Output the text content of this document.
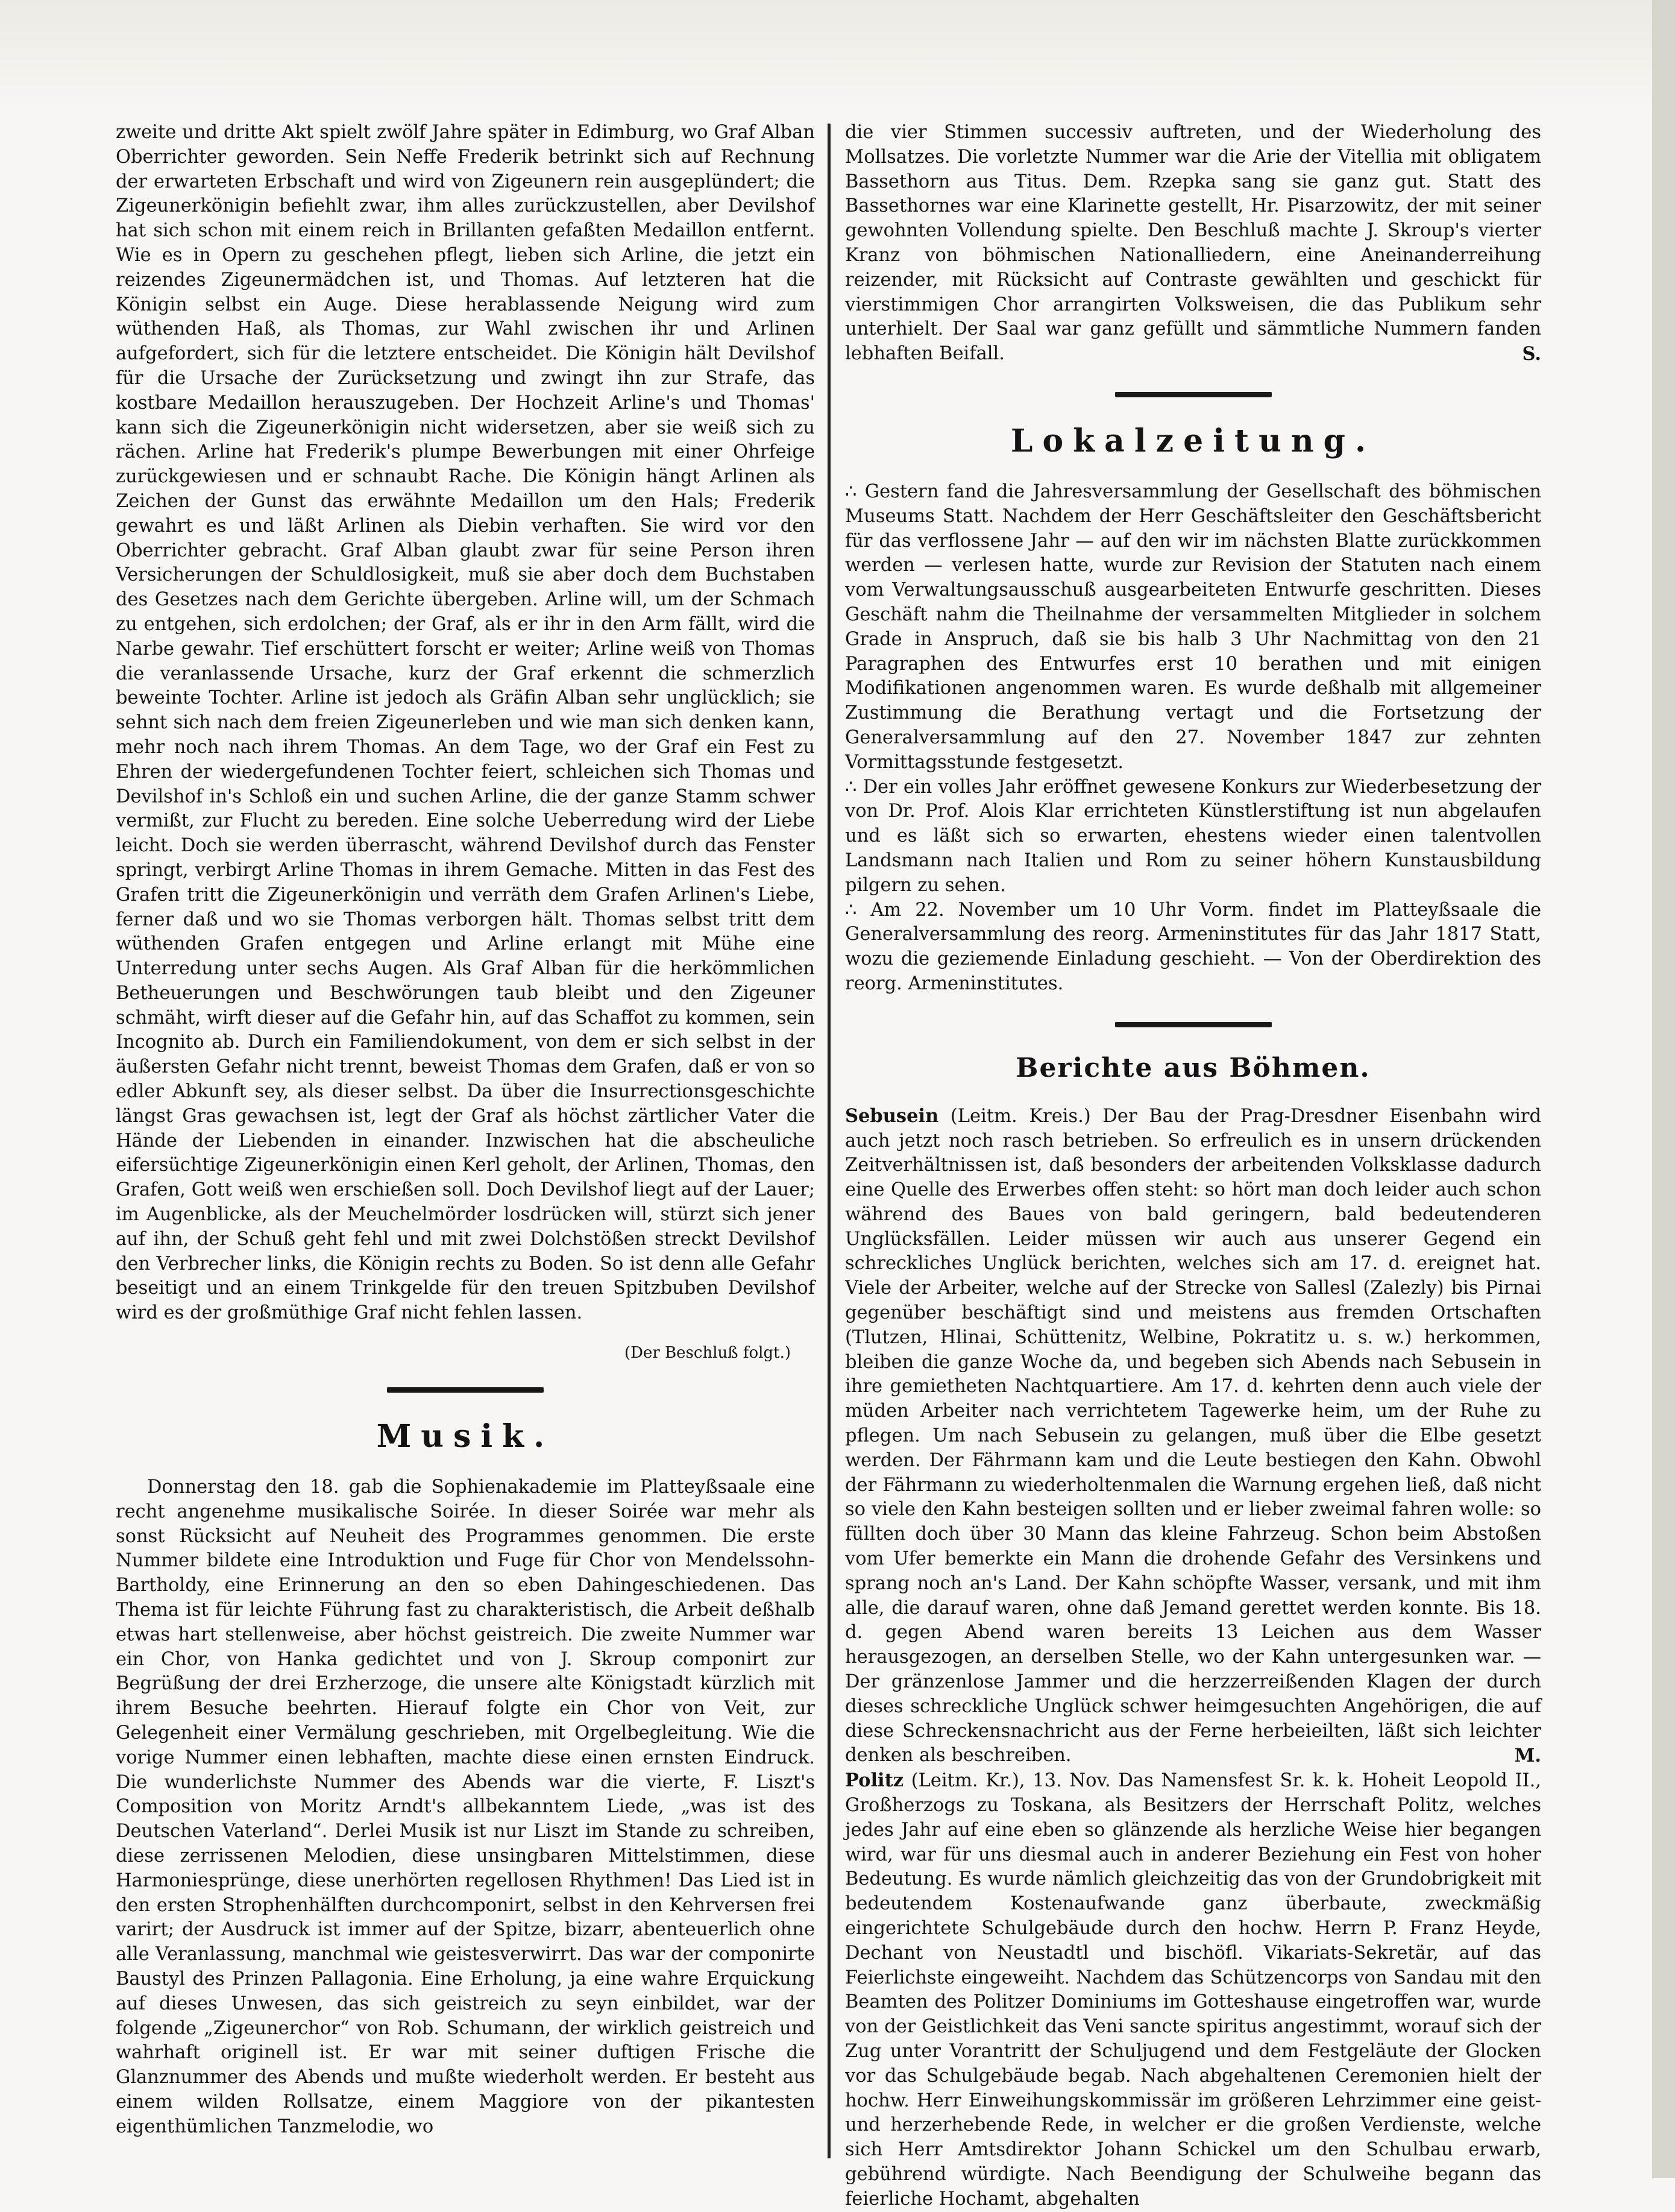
zweite und dritte Akt spielt zwölf Jahre später in Edimburg, wo Graf Alban Oberrichter geworden. Sein Neffe Frederik betrinkt sich auf Rechnung der erwarteten Erbschaft und wird von Zigeunern rein ausgeplündert; die Zigeunerkönigin befiehlt zwar, ihm alles zurückzustellen, aber Devilshof hat sich schon mit einem reich in Brillanten gefaßten Medaillon entfernt. Wie es in Opern zu geschehen pflegt, lieben sich Arline, die jetzt ein reizendes Zigeunermädchen ist, und Thomas. Auf letzteren hat die Königin selbst ein Auge. Diese herablassende Neigung wird zum wüthenden Haß, als Thomas, zur Wahl zwischen ihr und Arlinen aufgefordert, sich für die letztere entscheidet. Die Königin hält Devilshof für die Ursache der Zurücksetzung und zwingt ihn zur Strafe, das kostbare Medaillon herauszugeben. Der Hochzeit Arline's und Thomas' kann sich die Zigeunerkönigin nicht widersetzen, aber sie weiß sich zu rächen. Arline hat Frederik's plumpe Bewerbungen mit einer Ohrfeige zurückgewiesen und er schnaubt Rache. Die Königin hängt Arlinen als Zeichen der Gunst das erwähnte Medaillon um den Hals; Frederik gewahrt es und läßt Arlinen als Diebin verhaften. Sie wird vor den Oberrichter gebracht. Graf Alban glaubt zwar für seine Person ihren Versicherungen der Schuldlosigkeit, muß sie aber doch dem Buchstaben des Gesetzes nach dem Gerichte übergeben. Arline will, um der Schmach zu entgehen, sich erdolchen; der Graf, als er ihr in den Arm fällt, wird die Narbe gewahr. Tief erschüttert forscht er weiter; Arline weiß von Thomas die veranlassende Ursache, kurz der Graf erkennt die schmerzlich beweinte Tochter. Arline ist jedoch als Gräfin Alban sehr unglücklich; sie sehnt sich nach dem freien Zigeunerleben und wie man sich denken kann, mehr noch nach ihrem Thomas. An dem Tage, wo der Graf ein Fest zu Ehren der wiedergefundenen Tochter feiert, schleichen sich Thomas und Devilshof in's Schloß ein und suchen Arline, die der ganze Stamm schwer vermißt, zur Flucht zu bereden. Eine solche Ueberredung wird der Liebe leicht. Doch sie werden überrascht, während Devilshof durch das Fenster springt, verbirgt Arline Thomas in ihrem Gemache. Mitten in das Fest des Grafen tritt die Zigeunerkönigin und verräth dem Grafen Arlinen's Liebe, ferner daß und wo sie Thomas verborgen hält. Thomas selbst tritt dem wüthenden Grafen entgegen und Arline erlangt mit Mühe eine Unterredung unter sechs Augen. Als Graf Alban für die herkömmlichen Betheuerungen und Beschwörungen taub bleibt und den Zigeuner schmäht, wirft dieser auf die Gefahr hin, auf das Schaffot zu kommen, sein Incognito ab. Durch ein Familiendokument, von dem er sich selbst in der äußersten Gefahr nicht trennt, beweist Thomas dem Grafen, daß er von so edler Abkunft sey, als dieser selbst. Da über die Insurrectionsgeschichte längst Gras gewachsen ist, legt der Graf als höchst zärtlicher Vater die Hände der Liebenden in einander. Inzwischen hat die abscheuliche eifersüchtige Zigeunerkönigin einen Kerl geholt, der Arlinen, Thomas, den Grafen, Gott weiß wen erschießen soll. Doch Devilshof liegt auf der Lauer; im Augenblicke, als der Meuchelmörder losdrücken will, stürzt sich jener auf ihn, der Schuß geht fehl und mit zwei Dolchstößen streckt Devilshof den Verbrecher links, die Königin rechts zu Boden. So ist denn alle Gefahr beseitigt und an einem Trinkgelde für den treuen Spitzbuben Devilshof wird es der großmüthige Graf nicht fehlen lassen.

(Der Beschluß folgt.)
Musik.

Donnerstag den 18. gab die Sophienakademie im Platteyßsaale eine recht angenehme musikalische Soirée. In dieser Soirée war mehr als sonst Rücksicht auf Neuheit des Programmes genommen. Die erste Nummer bildete eine Introduktion und Fuge für Chor von Mendelssohn-Bartholdy, eine Erinnerung an den so eben Dahingeschiedenen. Das Thema ist für leichte Führung fast zu charakteristisch, die Arbeit deßhalb etwas hart stellenweise, aber höchst geistreich. Die zweite Nummer war ein Chor, von Hanka gedichtet und von J. Skroup componirt zur Begrüßung der drei Erzherzoge, die unsere alte Königstadt kürzlich mit ihrem Besuche beehrten. Hierauf folgte ein Chor von Veit, zur Gelegenheit einer Vermälung geschrieben, mit Orgelbegleitung. Wie die vorige Nummer einen lebhaften, machte diese einen ernsten Eindruck. Die wunderlichste Nummer des Abends war die vierte, F. Liszt's Composition von Moritz Arndt's allbekanntem Liede, „was ist des Deutschen Vaterland“. Derlei Musik ist nur Liszt im Stande zu schreiben, diese zerrissenen Melodien, diese unsingbaren Mittelstimmen, diese Harmoniesprünge, diese unerhörten regellosen Rhythmen! Das Lied ist in den ersten Strophenhälften durchcomponirt, selbst in den Kehrversen frei varirt; der Ausdruck ist immer auf der Spitze, bizarr, abenteuerlich ohne alle Veranlassung, manchmal wie geistesverwirrt. Das war der componirte Baustyl des Prinzen Pallagonia. Eine Erholung, ja eine wahre Erquickung auf dieses Unwesen, das sich geistreich zu seyn einbildet, war der folgende „Zigeunerchor“ von Rob. Schumann, der wirklich geistreich und wahrhaft originell ist. Er war mit seiner duftigen Frische die Glanznummer des Abends und mußte wiederholt werden. Er besteht aus einem wilden Rollsatze, einem Maggiore von der pikantesten eigenthümlichen Tanzmelodie, wo

die vier Stimmen successiv auftreten, und der Wiederholung des Mollsatzes. Die vorletzte Nummer war die Arie der Vitellia mit obligatem Bassethorn aus Titus. Dem. Rzepka sang sie ganz gut. Statt des Bassethornes war eine Klarinette gestellt, Hr. Pisarzowitz, der mit seiner gewohnten Vollendung spielte. Den Beschluß machte J. Skroup's vierter Kranz von böhmischen Nationalliedern, eine Aneinanderreihung reizender, mit Rücksicht auf Contraste gewählten und geschickt für vierstimmigen Chor arrangirten Volksweisen, die das Publikum sehr unterhielt. Der Saal war ganz gefüllt und sämmtliche Nummern fanden lebhaften Beifall.	S.

Lokalzeitung.

∴ Gestern fand die Jahresversammlung der Gesellschaft des böhmischen Museums Statt. Nachdem der Herr Geschäftsleiter den Geschäftsbericht für das verflossene Jahr — auf den wir im nächsten Blatte zurückkommen werden — verlesen hatte, wurde zur Revision der Statuten nach einem vom Verwaltungsausschuß ausgearbeiteten Entwurfe geschritten. Dieses Geschäft nahm die Theilnahme der versammelten Mitglieder in solchem Grade in Anspruch, daß sie bis halb 3 Uhr Nachmittag von den 21 Paragraphen des Entwurfes erst 10 berathen und mit einigen Modifikationen angenommen waren. Es wurde deßhalb mit allgemeiner Zustimmung die Berathung vertagt und die Fortsetzung der Generalversammlung auf den 27. November 1847 zur zehnten Vormittagsstunde festgesetzt.

∴ Der ein volles Jahr eröffnet gewesene Konkurs zur Wiederbesetzung der von Dr. Prof. Alois Klar errichteten Künstlerstiftung ist nun abgelaufen und es läßt sich so erwarten, ehestens wieder einen talentvollen Landsmann nach Italien und Rom zu seiner höhern Kunstausbildung pilgern zu sehen.

∴ Am 22. November um 10 Uhr Vorm. findet im Platteyßsaale die Generalversammlung des reorg. Armeninstitutes für das Jahr 1817 Statt, wozu die geziemende Einladung geschieht. — Von der Oberdirektion des reorg. Armeninstitutes.

Berichte aus Böhmen.

Sebusein (Leitm. Kreis.) Der Bau der Prag-Dresdner Eisenbahn wird auch jetzt noch rasch betrieben. So erfreulich es in unsern drückenden Zeitverhältnissen ist, daß besonders der arbeitenden Volksklasse dadurch eine Quelle des Erwerbes offen steht: so hört man doch leider auch schon während des Baues von bald geringern, bald bedeutenderen Unglücksfällen. Leider müssen wir auch aus unserer Gegend ein schreckliches Unglück berichten, welches sich am 17. d. ereignet hat. Viele der Arbeiter, welche auf der Strecke von Sallesl (Zalezly) bis Pirnai gegenüber beschäftigt sind und meistens aus fremden Ortschaften (Tlutzen, Hlinai, Schüttenitz, Welbine, Pokratitz u. s. w.) herkommen, bleiben die ganze Woche da, und begeben sich Abends nach Sebusein in ihre gemietheten Nachtquartiere. Am 17. d. kehrten denn auch viele der müden Arbeiter nach verrichtetem Tagewerke heim, um der Ruhe zu pflegen. Um nach Sebusein zu gelangen, muß über die Elbe gesetzt werden. Der Fährmann kam und die Leute bestiegen den Kahn. Obwohl der Fährmann zu wiederholtenmalen die Warnung ergehen ließ, daß nicht so viele den Kahn besteigen sollten und er lieber zweimal fahren wolle: so füllten doch über 30 Mann das kleine Fahrzeug. Schon beim Abstoßen vom Ufer bemerkte ein Mann die drohende Gefahr des Versinkens und sprang noch an's Land. Der Kahn schöpfte Wasser, versank, und mit ihm alle, die darauf waren, ohne daß Jemand gerettet werden konnte. Bis 18. d. gegen Abend waren bereits 13 Leichen aus dem Wasser herausgezogen, an derselben Stelle, wo der Kahn untergesunken war. — Der gränzenlose Jammer und die herzzerreißenden Klagen der durch dieses schreckliche Unglück schwer heimgesuchten Angehörigen, die auf diese Schreckensnachricht aus der Ferne herbeieilten, läßt sich leichter denken als beschreiben.	M.

Politz (Leitm. Kr.), 13. Nov. Das Namensfest Sr. k. k. Hoheit Leopold II., Großherzogs zu Toskana, als Besitzers der Herrschaft Politz, welches jedes Jahr auf eine eben so glänzende als herzliche Weise hier begangen wird, war für uns diesmal auch in anderer Beziehung ein Fest von hoher Bedeutung. Es wurde nämlich gleichzeitig das von der Grundobrigkeit mit bedeutendem Kostenaufwande ganz überbaute, zweckmäßig eingerichtete Schulgebäude durch den hochw. Herrn P. Franz Heyde, Dechant von Neustadtl und bischöfl. Vikariats-Sekretär, auf das Feierlichste eingeweiht. Nachdem das Schützencorps von Sandau mit den Beamten des Politzer Dominiums im Gotteshause eingetroffen war, wurde von der Geistlichkeit das Veni sancte spiritus angestimmt, worauf sich der Zug unter Vorantritt der Schuljugend und dem Festgeläute der Glocken vor das Schulgebäude begab. Nach abgehaltenen Ceremonien hielt der hochw. Herr Einweihungskommissär im größeren Lehrzimmer eine geist- und herzerhebende Rede, in welcher er die großen Verdienste, welche sich Herr Amtsdirektor Johann Schickel um den Schulbau erwarb, gebührend würdigte. Nach Beendigung der Schulweihe begann das feierliche Hochamt, abgehalten
